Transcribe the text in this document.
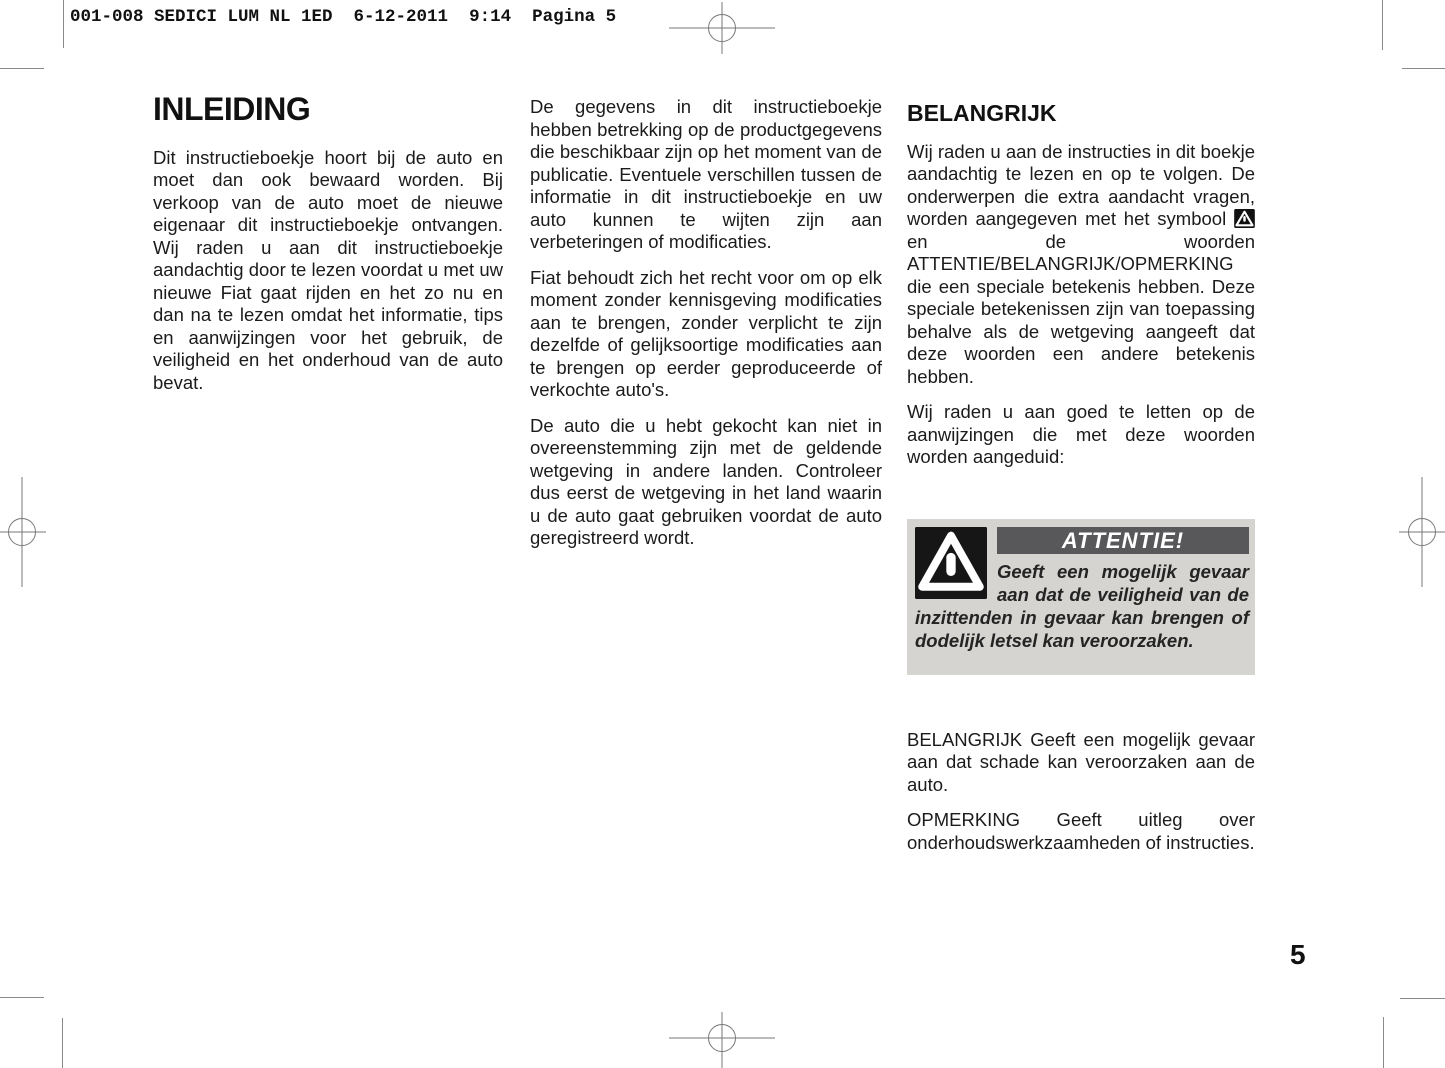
001-008 SEDICI LUM NL 1ED  6-12-2011  9:14  Pagina 5
INLEIDING

Dit instructieboekje hoort bij de auto en moet dan ook bewaard worden. Bij verkoop van de auto moet de nieuwe eigenaar dit instructieboekje ontvangen. Wij raden u aan dit instructieboekje aandachtig door te lezen voordat u met uw nieuwe Fiat gaat rijden en het zo nu en dan na te lezen omdat het informatie, tips en aanwijzingen voor het gebruik, de veiligheid en het onderhoud van de auto bevat.

De gegevens in dit instructieboekje hebben betrekking op de productgegevens die beschikbaar zijn op het moment van de publicatie. Eventuele verschillen tussen de informatie in dit instructieboekje en uw auto kunnen te wijten zijn aan verbeteringen of modificaties.

Fiat behoudt zich het recht voor om op elk moment zonder kennisgeving modificaties aan te brengen, zonder verplicht te zijn dezelfde of gelijksoortige modificaties aan te brengen op eerder geproduceerde of verkochte auto's.

De auto die u hebt gekocht kan niet in overeenstemming zijn met de geldende wetgeving in andere landen. Controleer dus eerst de wetgeving in het land waarin u de auto gaat gebruiken voordat de auto geregistreerd wordt.

BELANGRIJK

Wij raden u aan de instructies in dit boekje aandachtig te lezen en op te volgen. De onderwerpen die extra aandacht vragen, worden aangegeven met het symbool  en de woorden ATTENTIE/BELANGRIJK/OPMERKING die een speciale betekenis hebben. Deze speciale betekenissen zijn van toepassing behalve als de wetgeving aangeeft dat deze woorden een andere betekenis hebben.

Wij raden u aan goed te letten op de aanwijzingen die met deze woorden worden aangeduid:

ATTENTIE!

Geeft een mogelijk gevaar aan dat de veiligheid van de inzittenden in gevaar kan brengen of dodelijk letsel kan veroorzaken.

BELANGRIJK Geeft een mogelijk gevaar aan dat schade kan veroorzaken aan de auto.

OPMERKING Geeft uitleg over onderhoudswerkzaamheden of instructies.

5
